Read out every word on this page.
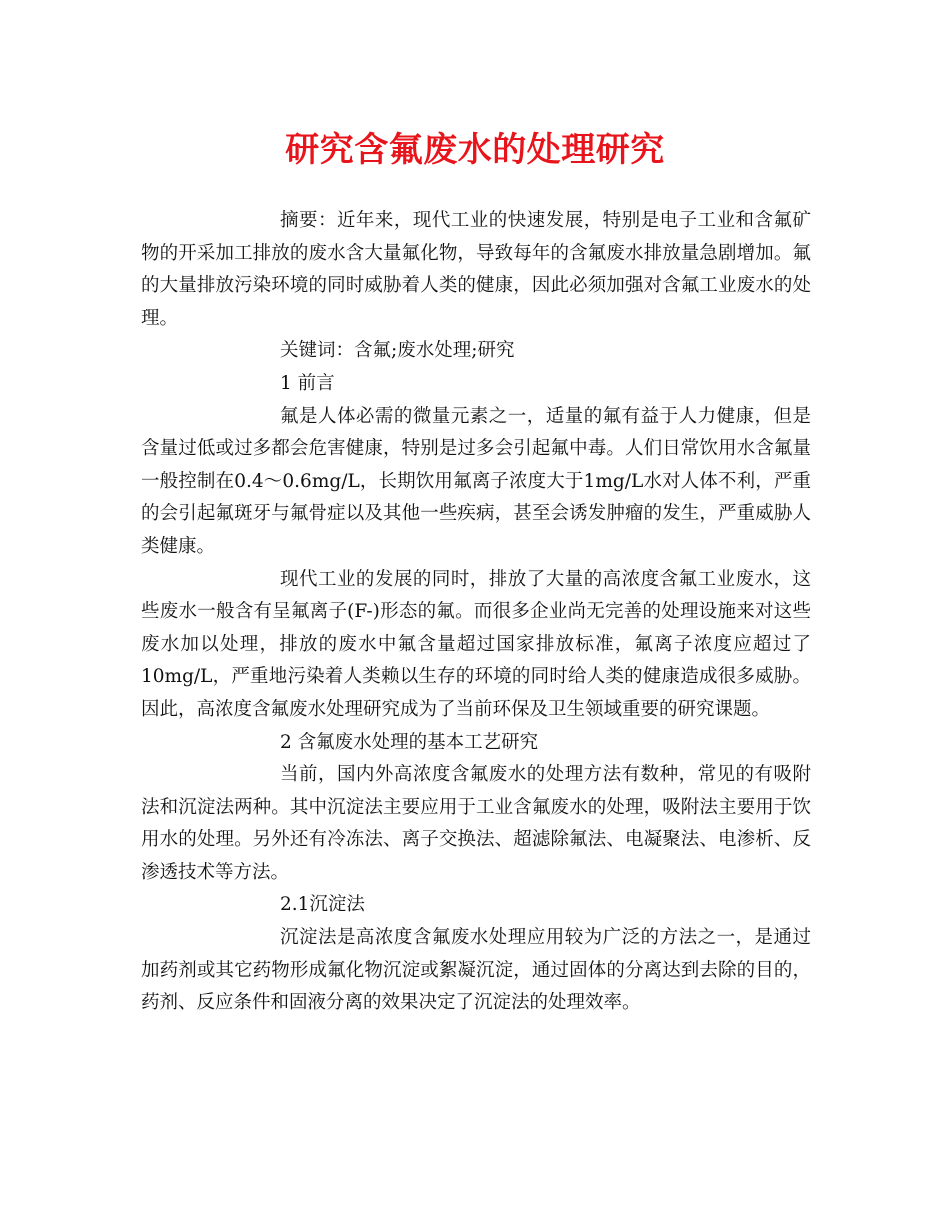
研究含氟废水的处理研究

摘要：近年来，现代工业的快速发展，特别是电子工业和含氟矿物的开采加工排放的废水含大量氟化物，导致每年的含氟废水排放量急剧增加。氟的大量排放污染环境的同时威胁着人类的健康，因此必须加强对含氟工业废水的处理。

关键词：含氟;废水处理;研究

1 前言

氟是人体必需的微量元素之一，适量的氟有益于人力健康，但是含量过低或过多都会危害健康，特别是过多会引起氟中毒。人们日常饮用水含氟量一般控制在0.4～0.6mg/L，长期饮用氟离子浓度大于1mg/L水对人体不利，严重的会引起氟斑牙与氟骨症以及其他一些疾病，甚至会诱发肿瘤的发生，严重威胁人类健康。

现代工业的发展的同时，排放了大量的高浓度含氟工业废水，这些废水一般含有呈氟离子(F-)形态的氟。而很多企业尚无完善的处理设施来对这些废水加以处理，排放的废水中氟含量超过国家排放标准，氟离子浓度应超过了10mg/L，严重地污染着人类赖以生存的环境的同时给人类的健康造成很多威胁。因此，高浓度含氟废水处理研究成为了当前环保及卫生领域重要的研究课题。

2 含氟废水处理的基本工艺研究

当前，国内外高浓度含氟废水的处理方法有数种，常见的有吸附法和沉淀法两种。其中沉淀法主要应用于工业含氟废水的处理，吸附法主要用于饮用水的处理。另外还有冷冻法、离子交换法、超滤除氟法、电凝聚法、电渗析、反渗透技术等方法。

2.1沉淀法

沉淀法是高浓度含氟废水处理应用较为广泛的方法之一，是通过加药剂或其它药物形成氟化物沉淀或絮凝沉淀，通过固体的分离达到去除的目的，药剂、反应条件和固液分离的效果决定了沉淀法的处理效率。
